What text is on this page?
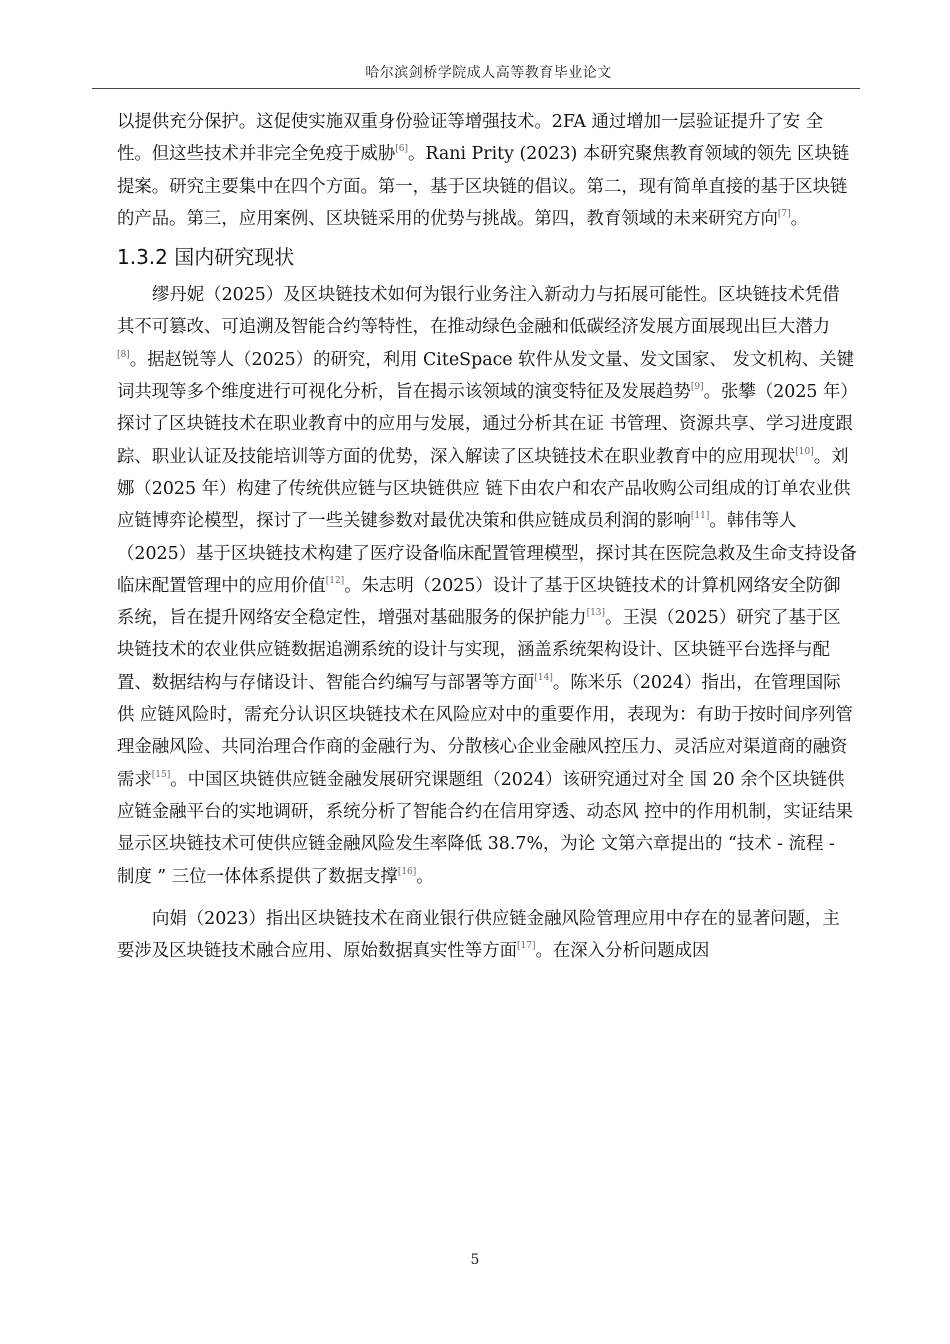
哈尔滨剑桥学院成人高等教育毕业论文

以提供充分保护。这促使实施双重身份验证等增强技术。2FA 通过增加一层验证提升了安 全性。但这些技术并非完全免疫于威胁[6]。Rani Prity (2023) 本研究聚焦教育领域的领先 区块链提案。研究主要集中在四个方面。第一，基于区块链的倡议。第二，现有简单直接的基于区块链的产品。第三，应用案例、区块链采用的优势与挑战。第四，教育领域的未来研究方向[7]。

1.3.2 国内研究现状

缪丹妮（2025）及区块链技术如何为银行业务注入新动力与拓展可能性。区块链技术凭借其不可篡改、可追溯及智能合约等特性，在推动绿色金融和低碳经济发展方面展现出巨大潜力[8]。据赵锐等人（2025）的研究，利用 CiteSpace 软件从发文量、发文国家、 发文机构、关键词共现等多个维度进行可视化分析，旨在揭示该领域的演变特征及发展趋势[9]。张攀（2025 年）探讨了区块链技术在职业教育中的应用与发展，通过分析其在证 书管理、资源共享、学习进度跟踪、职业认证及技能培训等方面的优势，深入解读了区块链技术在职业教育中的应用现状[10]。刘娜（2025 年）构建了传统供应链与区块链供应 链下由农户和农产品收购公司组成的订单农业供应链博弈论模型，探讨了一些关键参数对最优决策和供应链成员利润的影响[11]。韩伟等人（2025）基于区块链技术构建了医疗设备临床配置管理模型，探讨其在医院急救及生命支持设备临床配置管理中的应用价值[12]。朱志明（2025）设计了基于区块链技术的计算机网络安全防御系统，旨在提升网络安全稳定性，增强对基础服务的保护能力[13]。王淏（2025）研究了基于区块链技术的农业供应链数据追溯系统的设计与实现，涵盖系统架构设计、区块链平台选择与配置、数据结构与存储设计、智能合约编写与部署等方面[14]。陈米乐（2024）指出，在管理国际供 应链风险时，需充分认识区块链技术在风险应对中的重要作用，表现为：有助于按时间序列管理金融风险、共同治理合作商的金融行为、分散核心企业金融风控压力、灵活应对渠道商的融资需求[15]。中国区块链供应链金融发展研究课题组（2024）该研究通过对全 国 20 余个区块链供应链金融平台的实地调研，系统分析了智能合约在信用穿透、动态风 控中的作用机制，实证结果显示区块链技术可使供应链金融风险发生率降低 38.7%，为论 文第六章提出的 “技术 - 流程 - 制度 ” 三位一体体系提供了数据支撑[16]。

向娟（2023）指出区块链技术在商业银行供应链金融风险管理应用中存在的显著问题，主要涉及区块链技术融合应用、原始数据真实性等方面[17]。在深入分析问题成因

5
